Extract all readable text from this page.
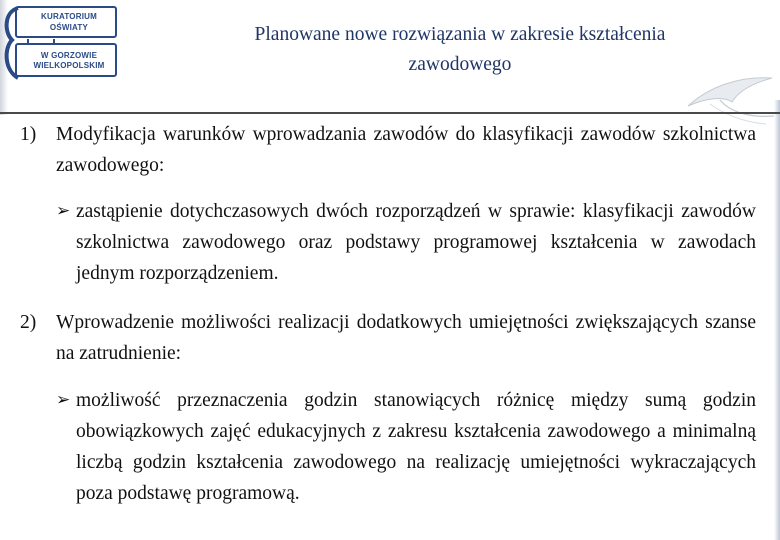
KURATORIUM
OŚWIATY
W GORZOWIE
WIELKOPOLSKIM
Planowane nowe rozwiązania w zakresie kształcenia
zawodowego
1) Modyfikacja warunków wprowadzania zawodów do klasyfikacji zawodów szkolnictwa zawodowego:
➢ zastąpienie dotychczasowych dwóch rozporządzeń w sprawie: klasyfikacji zawodów szkolnictwa zawodowego oraz podstawy programowej kształcenia w zawodach jednym rozporządzeniem.
2) Wprowadzenie możliwości realizacji dodatkowych umiejętności zwiększających szanse na zatrudnienie:
➢ możliwość przeznaczenia godzin stanowiących różnicę między sumą godzin obowiązkowych zajęć edukacyjnych z zakresu kształcenia zawodowego a minimalną liczbą godzin kształcenia zawodowego na realizację umiejętności wykraczających poza podstawę programową.
